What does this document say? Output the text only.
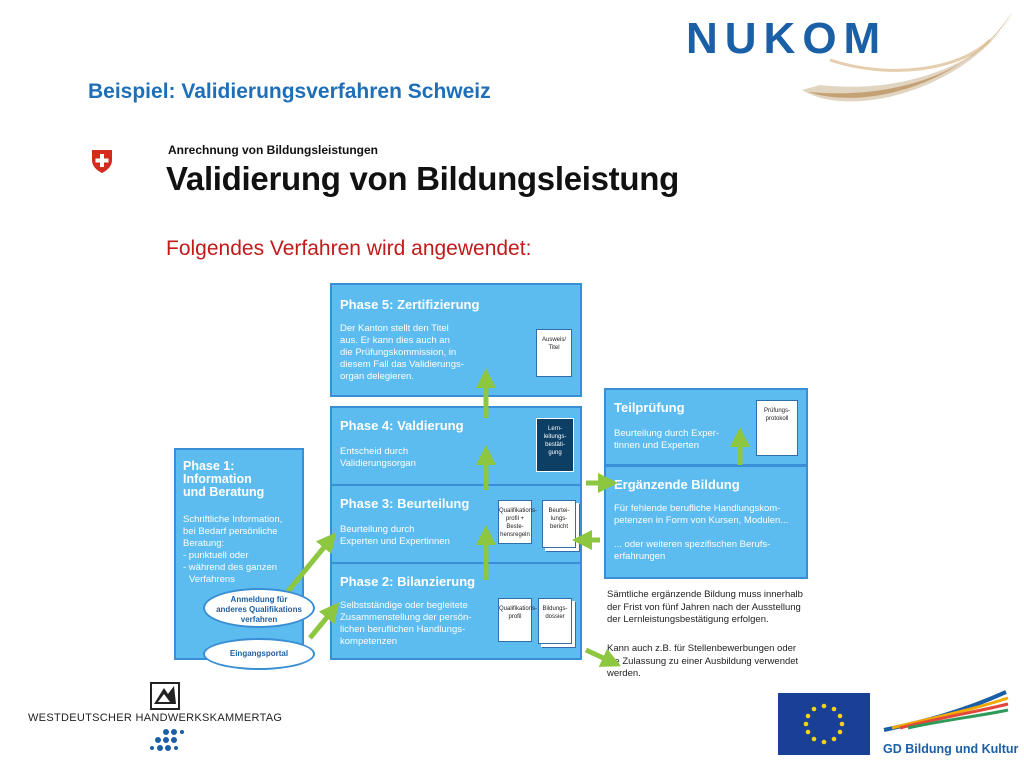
Beispiel: Validierungsverfahren Schweiz
NUKOM
Anrechnung von Bildungsleistungen
Validierung von Bildungsleistung
Folgendes Verfahren wird angewendet:
Phase 1:
Information
und Beratung
Schriftliche Information,
bei Bedarf persönliche
Beratung:
- punktuell oder
- während des ganzen
Verfahrens
Anmeldung für
anderes Qualifikations
verfahren
Eingangsportal
Phase 5: Zertifizierung
Der Kanton stellt den Titel
aus. Er kann dies auch an
die Prüfungskommission, in
diesem Fall das Validierungs-
organ delegieren.
Ausweis/
Titel
Phase 4: Valdierung
Entscheid durch
Validierungsorgan
Lern-
leitungs-
bestäti-
gung
Phase 3: Beurteilung
Beurteilung durch
Experten und Expertinnen
Qualifikations-
profil + Beste-
hensregeln
Beurtei-
lungs-
bericht
Phase 2: Bilanzierung
Selbstständige oder begleitete
Zusammenstellung der persön-
lichen beruflichen Handlungs-
kompetenzen
Qualifikations-
profil
Bildungs-
dossier
Teilprüfung
Beurteilung durch Exper-
tinnen und Experten
Prüfungs-
protokoll
Ergänzende Bildung
Für fehlende berufliche Handlungskom-
petenzen in Form von Kursen, Modulen...
... oder weiteren spezifischen Berufs-
erfahrungen
Sämtliche ergänzende Bildung muss innerhalb
der Frist von fünf Jahren nach der Ausstellung
der Lernleistungsbestätigung erfolgen.
Kann auch z.B. für Stellenbewerbungen oder
die Zulassung zu einer Ausbildung verwendet
werden.
WESTDEUTSCHER HANDWERKSKAMMERTAG
GD Bildung und Kultur
